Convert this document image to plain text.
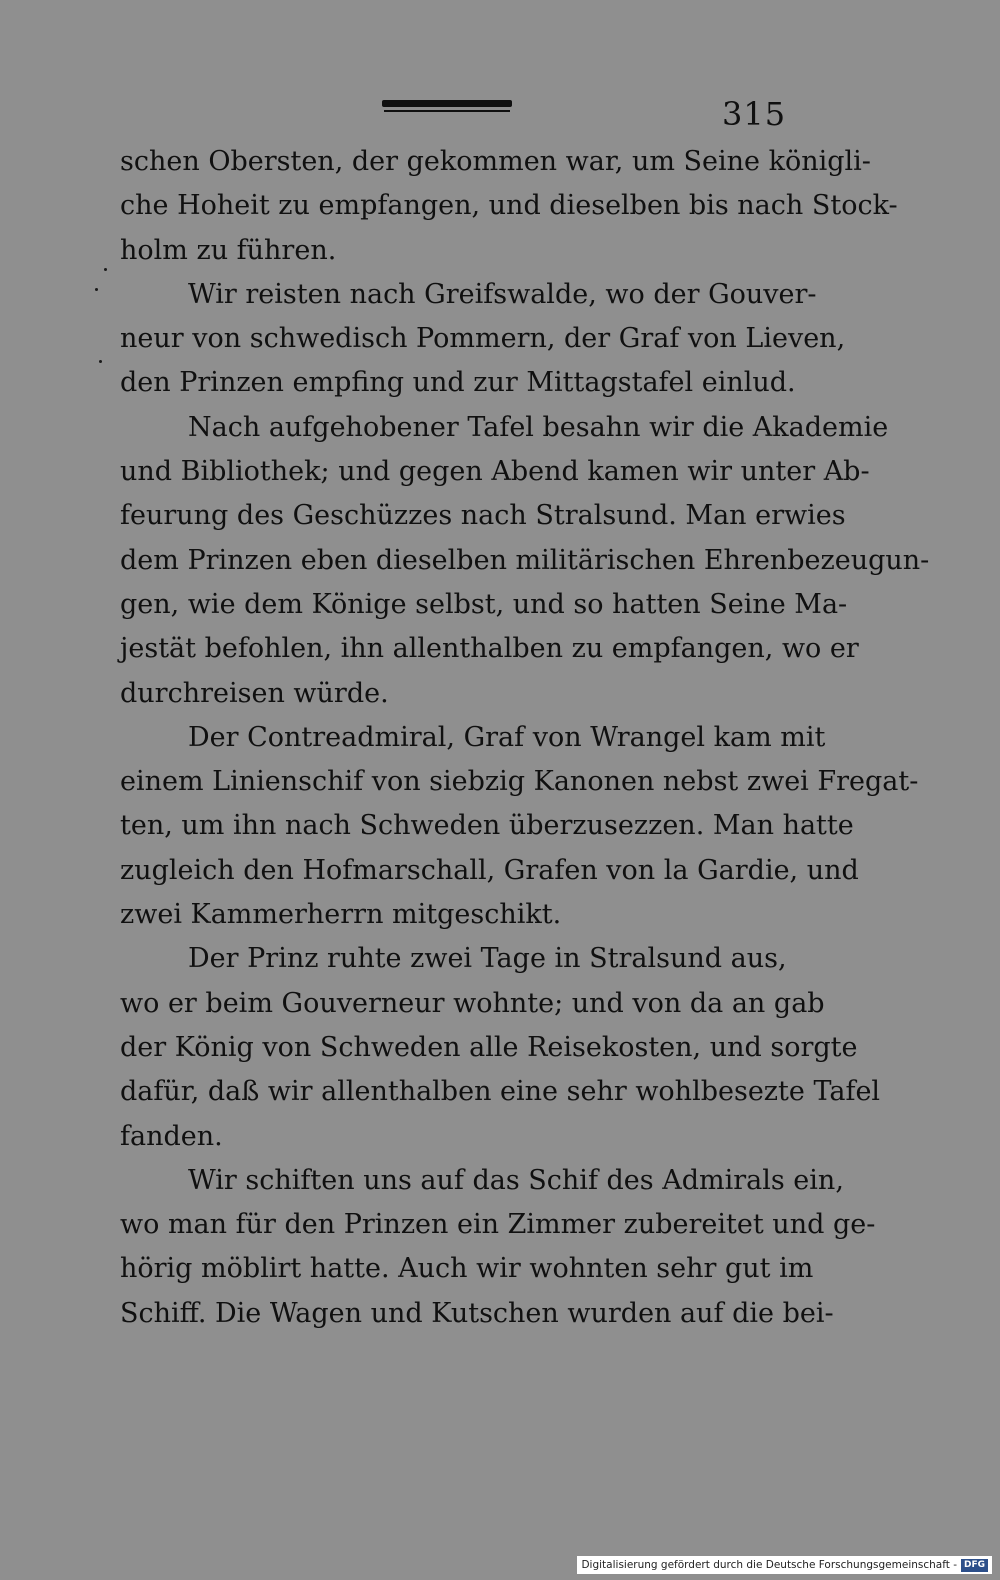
315
schen Obersten, der gekommen war, um Seine königli-
che Hoheit zu empfangen, und dieselben bis nach Stock-
holm zu führen.
Wir reisten nach Greifswalde, wo der Gouver-
neur von schwedisch Pommern, der Graf von Lieven,
den Prinzen empfing und zur Mittagstafel einlud.
Nach aufgehobener Tafel besahn wir die Akademie
und Bibliothek; und gegen Abend kamen wir unter Ab-
feurung des Geschüzzes nach Stralsund. Man erwies
dem Prinzen eben dieselben militärischen Ehrenbezeugun-
gen, wie dem Könige selbst, und so hatten Seine Ma-
jestät befohlen, ihn allenthalben zu empfangen, wo er
durchreisen würde.
Der Contreadmiral, Graf von Wrangel kam mit
einem Linienschif von siebzig Kanonen nebst zwei Fregat-
ten, um ihn nach Schweden überzusezzen. Man hatte
zugleich den Hofmarschall, Grafen von la Gardie, und
zwei Kammerherrn mitgeschikt.
Der Prinz ruhte zwei Tage in Stralsund aus,
wo er beim Gouverneur wohnte; und von da an gab
der König von Schweden alle Reisekosten, und sorgte
dafür, daß wir allenthalben eine sehr wohlbesezte Tafel
fanden.
Wir schiften uns auf das Schif des Admirals ein,
wo man für den Prinzen ein Zimmer zubereitet und ge-
hörig möblirt hatte. Auch wir wohnten sehr gut im
Schiff. Die Wagen und Kutschen wurden auf die bei-
Digitalisierung gefördert durch die Deutsche Forschungsgemeinschaft - DFG
